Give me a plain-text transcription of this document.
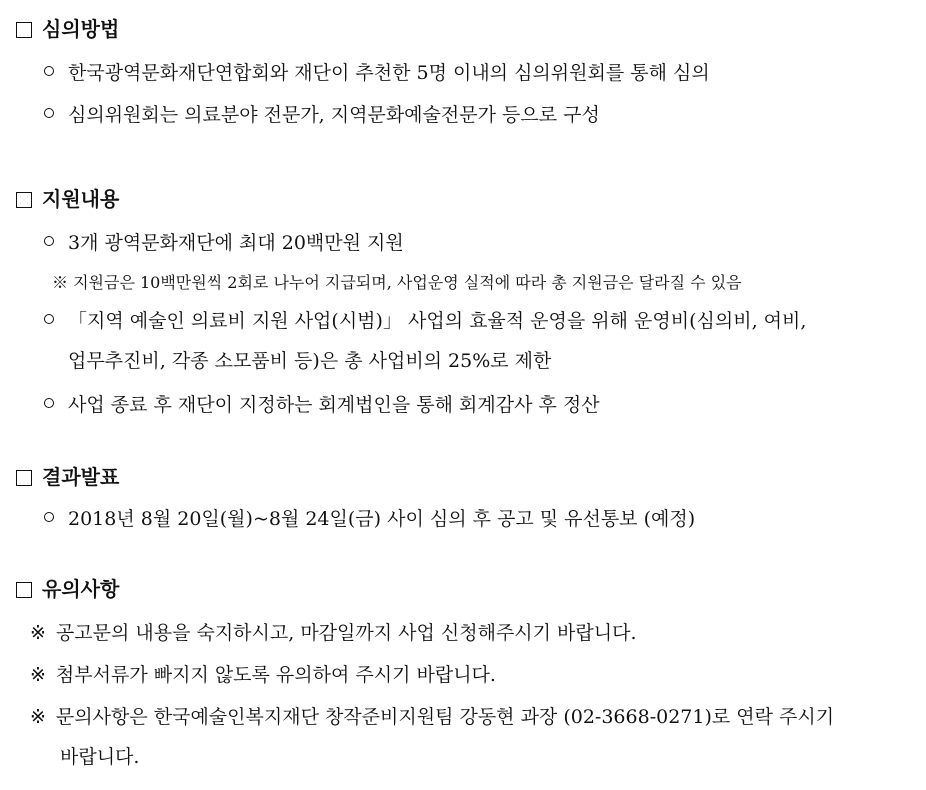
심의방법
한국광역문화재단연합회와 재단이 추천한 5명 이내의 심의위원회를 통해 심의
심의위원회는 의료분야 전문가, 지역문화예술전문가 등으로 구성
지원내용
3개 광역문화재단에 최대 20백만원 지원
※ 지원금은 10백만원씩 2회로 나누어 지급되며, 사업운영 실적에 따라 총 지원금은 달라질 수 있음
「지역 예술인 의료비 지원 사업(시범)」 사업의 효율적 운영을 위해 운영비(심의비, 여비,
업무추진비, 각종 소모품비 등)은 총 사업비의 25%로 제한
사업 종료 후 재단이 지정하는 회계법인을 통해 회계감사 후 정산
결과발표
2018년 8월 20일(월)~8월 24일(금) 사이 심의 후 공고 및 유선통보 (예정)
유의사항
※ 공고문의 내용을 숙지하시고, 마감일까지 사업 신청해주시기 바랍니다.
※ 첨부서류가 빠지지 않도록 유의하여 주시기 바랍니다.
※ 문의사항은 한국예술인복지재단 창작준비지원팀 강동현 과장 (02-3668-0271)로 연락 주시기
바랍니다.
